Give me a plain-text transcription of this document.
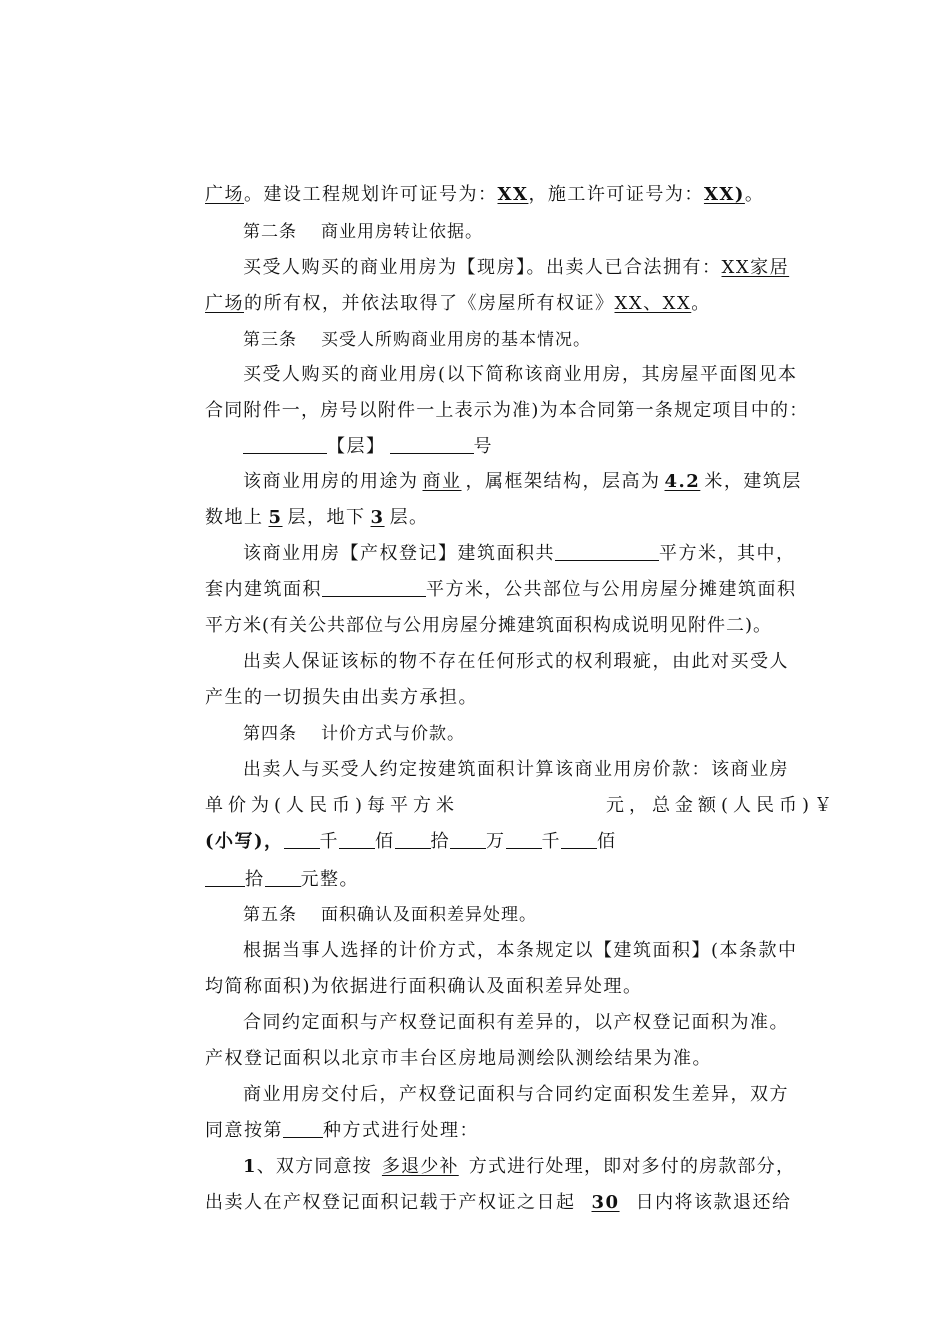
广场。建设工程规划许可证号为：XX，施工许可证号为：XX)。
第二条 商业用房转让依据。
买受人购买的商业用房为【现房】。出卖人已合法拥有：XX家居
广场的所有权，并依法取得了《房屋所有权证》XX、XX。
第三条 买受人所购商业用房的基本情况。
买受人购买的商业用房(以下简称该商业用房，其房屋平面图见本
合同附件一，房号以附件一上表示为准)为本合同第一条规定项目中的：
【层】	号
该商业用房的用途为 商业 ，属框架结构，层高为 4.2 米，建筑层
数地上 5 层，地下 3 层。
该商业用房【产权登记】建筑面积共	平方米，其中，
套内建筑面积	平方米，公共部位与公用房屋分摊建筑面积
平方米(有关公共部位与公用房屋分摊建筑面积构成说明见附件二)。
出卖人保证该标的物不存在任何形式的权利瑕疵，由此对买受人
产生的一切损失由出卖方承担。
第四条 计价方式与价款。
出卖人与买受人约定按建筑面积计算该商业用房价款：该商业房
单价为(人民币)每平方米	元，总金额(人民币)￥
(小写)， 千 佰 拾 万 千 佰
拾 元整。
第五条 面积确认及面积差异处理。
根据当事人选择的计价方式，本条规定以【建筑面积】(本条款中
均简称面积)为依据进行面积确认及面积差异处理。
合同约定面积与产权登记面积有差异的，以产权登记面积为准。
产权登记面积以北京市丰台区房地局测绘队测绘结果为准。
商业用房交付后，产权登记面积与合同约定面积发生差异，双方
同意按第 种方式进行处理：
1、双方同意按 多退少补 方式进行处理，即对多付的房款部分，
出卖人在产权登记面积记载于产权证之日起 30 日内将该款退还给
